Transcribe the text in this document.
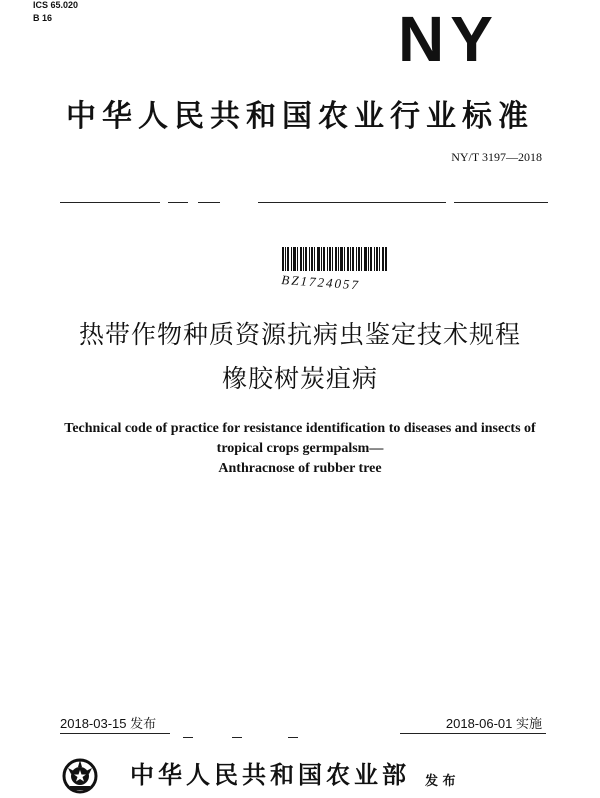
ICS 65.020
B 16	NY
中华人民共和国农业行业标准
NY/T 3197—2018
BZ1724057
热带作物种质资源抗病虫鉴定技术规程
橡胶树炭疽病
Technical code of practice for resistance identification to diseases and insects of
tropical crops germpalsm—
Anthracnose of rubber tree
2018-03-15 发布	2018-06-01 实施
中华人民共和国农业部 发 布
